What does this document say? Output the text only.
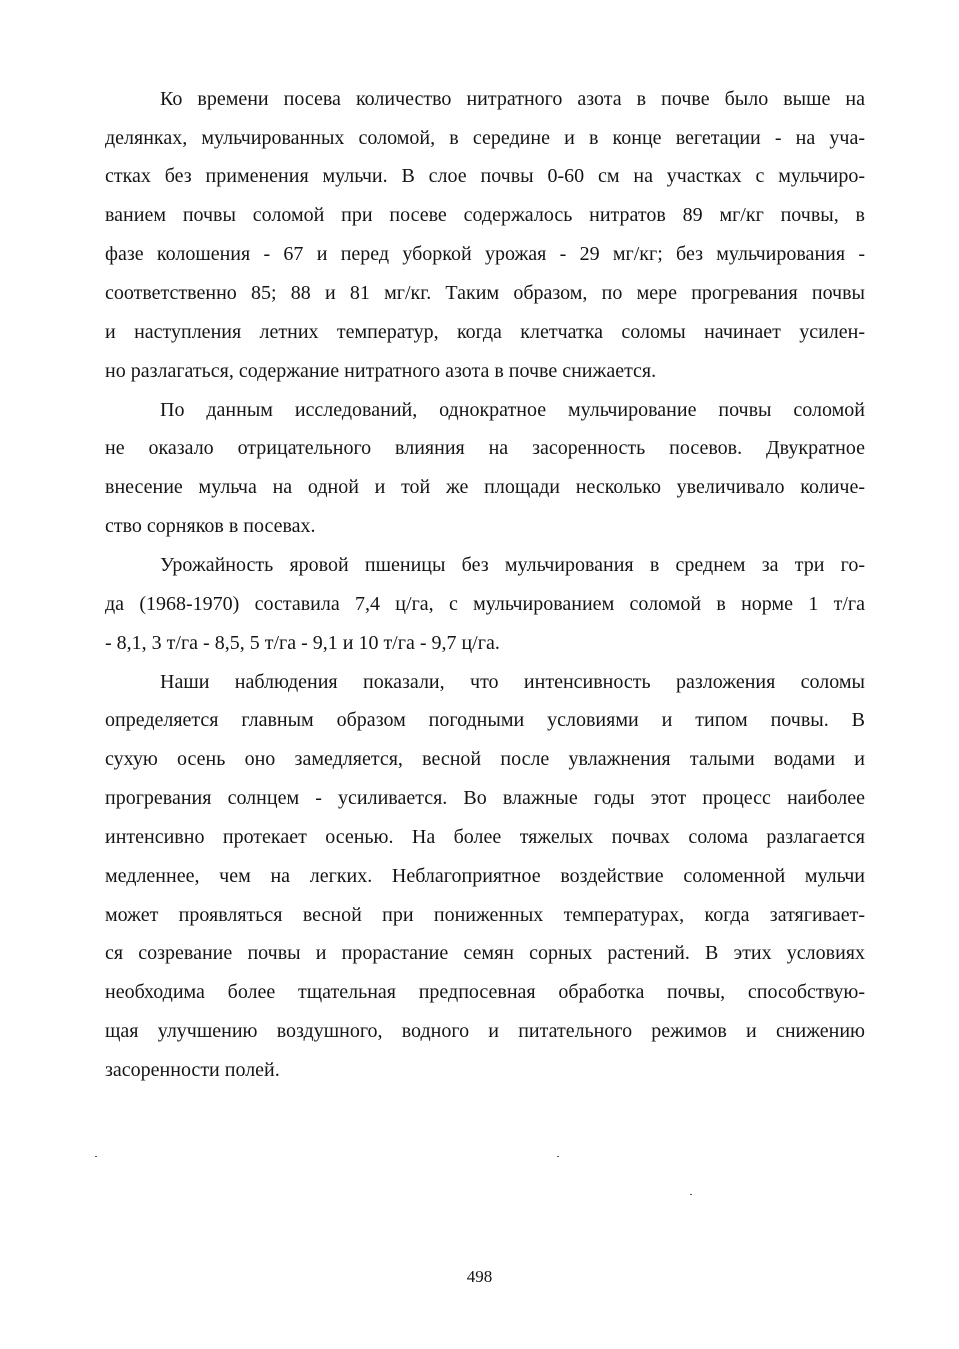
Ко времени посева количество нитратного азота в почве было выше на
делянках, мульчированных соломой, в середине и в конце вегетации - на уча-
стках без применения мульчи. В слое почвы 0-60 см на участках с мульчиро-
ванием почвы соломой при посеве содержалось нитратов 89 мг/кг почвы, в
фазе колошения - 67 и перед уборкой урожая - 29 мг/кг; без мульчирования -
соответственно 85; 88 и 81 мг/кг. Таким образом, по мере прогревания почвы
и наступления летних температур, когда клетчатка соломы начинает усилен-
но разлагаться, содержание нитратного азота в почве снижается.
По данным исследований, однократное мульчирование почвы соломой
не оказало отрицательного влияния на засоренность посевов. Двукратное
внесение мульча на одной и той же площади несколько увеличивало количе-
ство сорняков в посевах.
Урожайность яровой пшеницы без мульчирования в среднем за три го-
да (1968-1970) составила 7,4 ц/га, с мульчированием соломой в норме 1 т/га
- 8,1, 3 т/га - 8,5, 5 т/га - 9,1 и 10 т/га - 9,7 ц/га.
Наши наблюдения показали, что интенсивность разложения соломы
определяется главным образом погодными условиями и типом почвы. В
сухую осень оно замедляется, весной после увлажнения талыми водами и
прогревания солнцем - усиливается. Во влажные годы этот процесс наиболее
интенсивно протекает осенью. На более тяжелых почвах солома разлагается
медленнее, чем на легких. Неблагоприятное воздействие соломенной мульчи
может проявляться весной при пониженных температурах, когда затягивает-
ся созревание почвы и прорастание семян сорных растений. В этих условиях
необходима более тщательная предпосевная обработка почвы, способствую-
щая улучшению воздушного, водного и питательного режимов и снижению
засоренности полей.
498
